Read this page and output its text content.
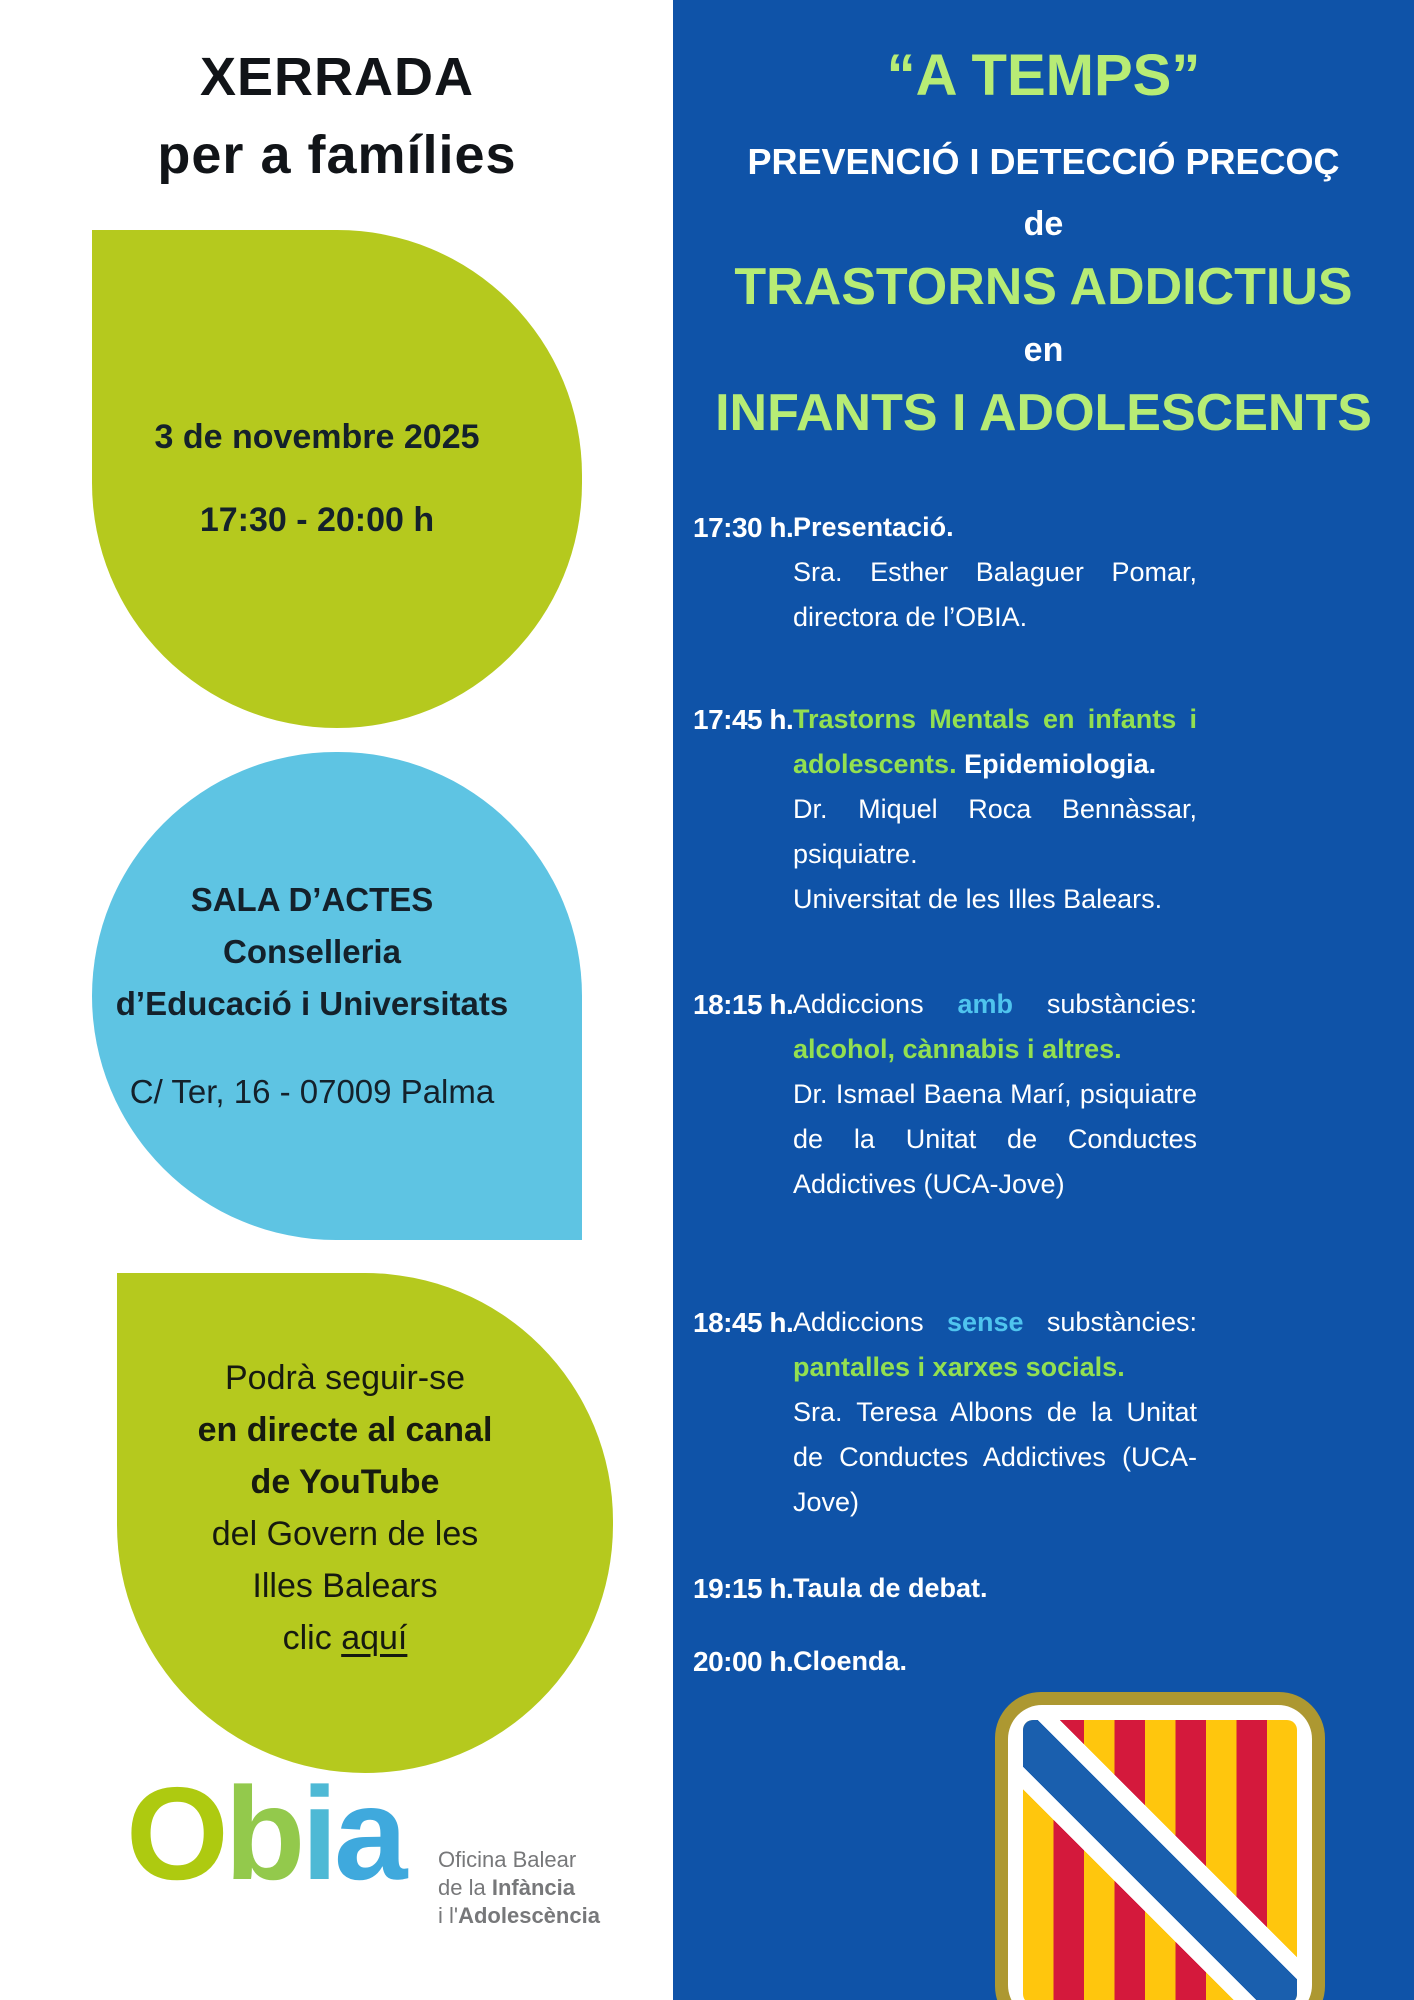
XERRADA
per a famílies
3 de novembre 2025
17:30 - 20:00 h
SALA D’ACTES
Conselleria
d’Educació i Universitats
C/ Ter, 16 - 07009 Palma
Podrà seguir-se
en directe al canal
de YouTube
del Govern de les
Illes Balears
clic aquí
Obia Oficina Balear
de la Infància
i l'Adolescència
“A TEMPS”
PREVENCIÓ I DETECCIÓ PRECOÇ
de
TRASTORNS ADDICTIUS
en
INFANTS I ADOLESCENTS
17:30 h. Presentació.

Sra. Esther Balaguer Pomar, directora de l’OBIA.

17:45 h. Trastorns Mentals en infants i adolescents. Epidemiologia.

Dr. Miquel Roca Bennàssar, psiquiatre.

Universitat de les Illes Balears.

18:15 h. Addiccions amb substàncies: alcohol, cànnabis i altres.

Dr. Ismael Baena Marí, psiquiatre de la Unitat de Conductes Addictives (UCA-Jove)

18:45 h. Addiccions sense substàncies: pantalles i xarxes socials.

Sra. Teresa Albons de la Unitat de Conductes Addictives (UCA-Jove)

19:15 h. Taula de debat.

20:00 h. Cloenda.
